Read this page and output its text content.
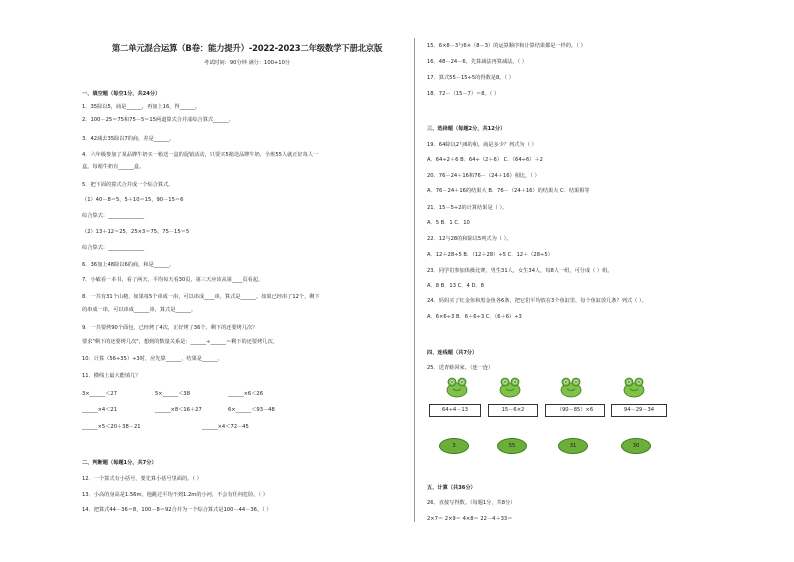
第二单元混合运算（B卷：能力提升）-2022-2023二年级数学下册北京版
考试时间：90分钟 满分：100+10分
一、填空题（每空1分，共24分）
1．35除以5，商是______，再加上16，得______。
2．100－25＝75和75－5＝15两道算式合并成综合算式______。
3．42减去35除以7的商，差是______。
4．六年级参加了某品牌牛奶买一箱送一盒的促销活动，只要买5箱送品牌牛奶，全班55人就正好每人一
盒。每箱牛奶有______盒。
5．把下面的算式合并成一个综合算式。
（1）40－8＝5，5＋10＝15，90－15＝6
综合算式：______________
（2）13＋12＝25，25×3＝75，75－15＝5
综合算式：______________
6．36加上48除以6的商，和是______。
7．小敏看一本书，看了两天，平均每天看30页，第三天应该从第____页看起。
8．一共有31个山楂，如果每5个串成一串，可以串成____串，算式是______。如果已经串了12个，剩下
的串成一串，可以串成______串，算式是______。
9．一共要烤90个面包，已经烤了4次，正好烤了36个。剩下的还要烤几次？
要求"剩下的还要烤几次"，想到的数量关系是：______÷______＝剩下的还要烤几次。
10．计算（56÷35）÷3时，应先算______，结果是______。
11．横线上最大能填几？
3×______＜27	5×______＜38	______×6＜26
______×4＜21	______×8＜16＋27	6×______＜93－48
______×5＜20＋38－21	______×4＜72－45
二、判断题（每题1分，共7分）
12．一个算式有小括号，要先算小括号里面的。（ ）
13．小高的身高是1.56m，他跳过平均不到1.2m的小河，不会有任何危险。（ ）
14．把算式44－36＝8，100－8＝92合并为一个综合算式是100－44－36。（ ）
15．6×8－3与6×（8－3）的运算顺序和计算结果都是一样的。（ ）
16．48－24－6，先算减法再算减法。（ ）
17．算式55－15÷5的得数是8。（ ）
18．72－（15－7）＝8。（ ）
三、选择题（每题2分，共12分）
19．64除以2与6的和，商是多少？列式为（ ）
A．64÷2＋6 B．64÷（2＋6） C．（64÷6）＋2
20．76－24＋16和76－（24＋16）相比，（ ）
A．76－24＋16的结果大 B．76－（24＋16）的结果大 C．结果相等
21．15－5÷2的计算结果是（ ）。
A．5 B．1 C．10
22．12与28的和除以5列式为（ ）。
A．12＋28÷5 B．（12＋28）÷5 C．12＋（28÷5）
23．同学们参加体操比赛，男生31人，女生34人，每8人一组，可分成（ ）组。
A．8 B．13 C．4 D．8
24．妈妈买了红金鱼和黑金鱼各6条，把它们平均放在3个鱼缸里，每个鱼缸放几条？列式（ ）。
A．6×6÷3 B．6＋6÷3 C．（6＋6）÷3
四、连线题（共7分）
25．送青蛙回家。（连一连）
64÷4－13	15－6×2	（90－85）×6	94－29－34
3	55	31	30
五、计算（共36分）
26．直接写得数。（每题1分，共8分）
2×7＝ 2×9＝ 4×8＝ 22－4＋33＝
